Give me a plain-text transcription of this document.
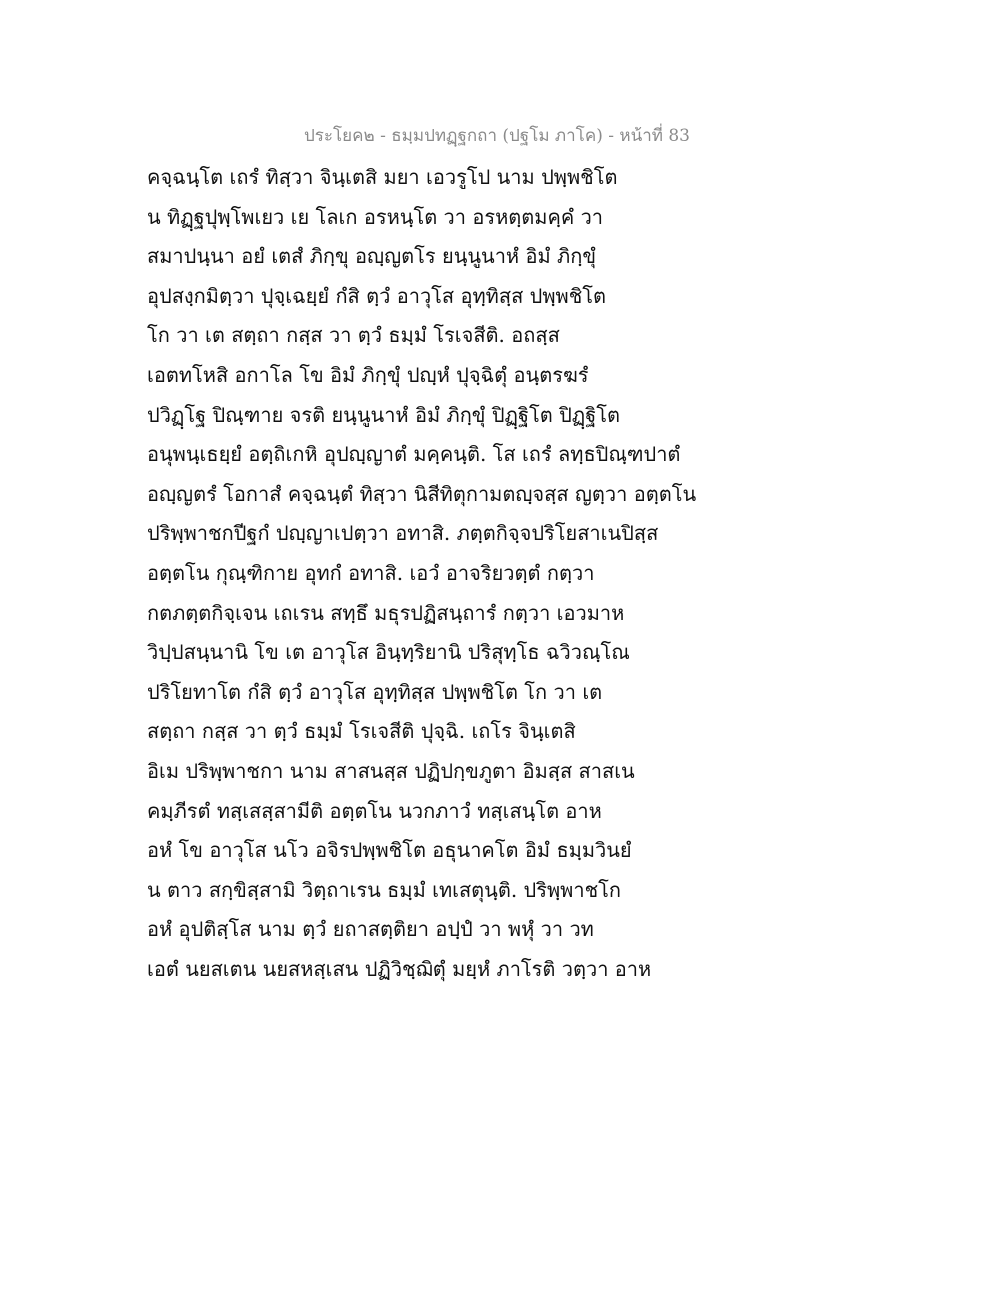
ประโยค๒ - ธมฺมปทฏฺฐกถา (ปฐโม ภาโค) - หน้าที่ 83
คจฺฉนฺโต เถรํ ทิสฺวา จินฺเตสิ มยา เอวรูโป นาม ปพฺพชิโต
น ทิฏฺฐปุพฺโพเยว เย โลเก อรหนฺโต วา อรหตฺตมคฺคํ วา
สมาปนฺนา อยํ เตสํ ภิกฺขุ อญฺญตโร ยนฺนูนาหํ อิมํ ภิกฺขุํ
อุปสงฺกมิตฺวา ปุจฺเฉยฺยํ กํสิ ตฺวํ อาวุโส อุทฺทิสฺส ปพฺพชิโต
โก วา เต สตฺถา กสฺส วา ตฺวํ ธมฺมํ โรเจสีติ. อถสฺส
เอตทโหสิ อกาโล โข อิมํ ภิกฺขุํ ปญฺหํ ปุจฺฉิตุํ อนฺตรฆรํ
ปวิฏฺโฐ ปิณฺฑาย จรติ ยนฺนูนาหํ อิมํ ภิกฺขุํ ปิฏฺฐิโต ปิฏฺฐิโต
อนุพนฺเธยฺยํ อตฺถิเกหิ อุปญฺญาตํ มคฺคนฺติ. โส เถรํ ลทฺธปิณฺฑปาตํ
อญฺญตรํ โอกาสํ คจฺฉนฺตํ ทิสฺวา นิสีทิตุกามตญฺจสฺส ญตฺวา อตฺตโน
ปริพฺพาชกปีฐกํ ปญฺญาเปตฺวา อทาสิ. ภตฺตกิจฺจปริโยสาเนปิสฺส
อตฺตโน กุณฺฑิกาย อุทกํ อทาสิ. เอวํ อาจริยวตฺตํ กตฺวา
กตภตฺตกิจฺเจน เถเรน สทฺธึ มธุรปฏิสนฺถารํ กตฺวา เอวมาห
วิปฺปสนฺนานิ โข เต อาวุโส อินฺทฺริยานิ ปริสุทฺโธ ฉวิวณฺโณ
ปริโยทาโต กํสิ ตฺวํ อาวุโส อุทฺทิสฺส ปพฺพชิโต โก วา เต
สตฺถา กสฺส วา ตฺวํ ธมฺมํ โรเจสีติ ปุจฺฉิ. เถโร จินฺเตสิ
อิเม ปริพฺพาชกา นาม สาสนสฺส ปฏิปกฺขภูตา อิมสฺส สาสเน
คมฺภีรตํ ทสฺเสสฺสามีติ อตฺตโน นวกภาวํ ทสฺเสนฺโต อาห
อหํ โข อาวุโส นโว อจิรปพฺพชิโต อธุนาคโต อิมํ ธมฺมวินยํ
น ตาว สกฺขิสฺสามิ วิตฺถาเรน ธมฺมํ เทเสตุนฺติ. ปริพฺพาชโก
อหํ อุปติสฺโส นาม ตฺวํ ยถาสตฺติยา อปฺปํ วา พหุํ วา วท
เอตํ นยสเตน นยสหสฺเสน ปฏิวิชฺฌิตุํ มยฺหํ ภาโรติ วตฺวา อาห
